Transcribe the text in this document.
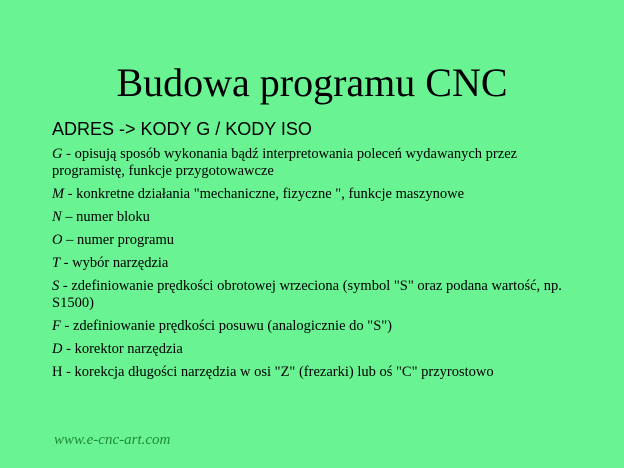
Budowa programu CNC
ADRES -> KODY G / KODY ISO
G - opisują sposób wykonania bądź interpretowania poleceń wydawanych przez programistę, funkcje przygotowawcze
M - konkretne działania "mechaniczne, fizyczne ", funkcje maszynowe
N – numer bloku
O – numer programu
T - wybór narzędzia
S - zdefiniowanie prędkości obrotowej wrzeciona (symbol "S" oraz podana wartość, np. S1500)
F - zdefiniowanie prędkości posuwu (analogicznie do "S")
D - korektor narzędzia
H - korekcja długości narzędzia w osi "Z" (frezarki) lub oś "C" przyrostowo
www.e-cnc-art.com
